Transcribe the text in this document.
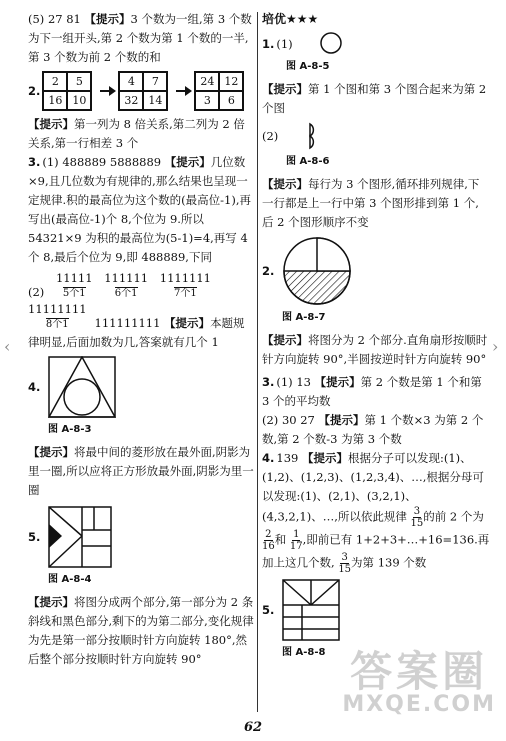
‹	›
(5) 27 81 【提示】3 个数为一组,第 3 个数为下一组开头,第 2 个数为第 1 个数的一半,第 3 个数为前 2 个数的和
2.
2	5
16 10
4	7
32 14
24 12
3	6
【提示】第一列为 8 倍关系,第二列为 2 倍关系,第一行相差 3 个
3. (1) 488889 5888889 【提示】几位数×9,且几位数为有规律的,那么结果也呈现一定规律.积的最高位为这个数的(最高位-1),再写出(最高位-1)个 8,个位为 9.所以 54321×9 为积的最高位为(5-1)=4,再写 4 个 8,最后个位为 9,即 488889,下同
(2) 11111
5个1 111111
6个1 1111111
7个1
11111111
8个1 111111111 【提示】本题规律明显,后面加数为几,答案就有几个 1
4.
图 A-8-3
【提示】将最中间的菱形放在最外面,阴影为里一圈,所以应将正方形放最外面,阴影为里一圈
5.
图 A-8-4
【提示】将图分成两个部分,第一部分为 2 条斜线和黑色部分,剩下的为第二部分,变化规律为先是第一部分按顺时针方向旋转 180°,然后整个部分按顺时针方向旋转 90°
培优★★★
1. (1)
图 A-8-5
【提示】第 1 个图和第 3 个图合起来为第 2 个图
(2)
图 A-8-6
【提示】每行为 3 个图形,循环排列规律,下一行都是上一行中第 3 个图形排到第 1 个,后 2 个图形顺序不变
2.
图 A-8-7
【提示】将图分为 2 个部分.直角扇形按顺时针方向旋转 90°,半圆按逆时针方向旋转 90°
3. (1) 13 【提示】第 2 个数是第 1 个和第 3 个的平均数
(2) 30 27 【提示】第 1 个数×3 为第 2 个数,第 2 个数-3 为第 3 个数
4. 139 【提示】根据分子可以发现:(1)、(1,2)、(1,2,3)、(1,2,3,4)、…,根据分母可以发现:(1)、(2,1)、(3,2,1)、(4,3,2,1)、…,所以依此规律 $\frac{3}{15}$ 的前 2 个为
$\frac{2}{16}$ 和 $\frac{1}{17}$ ,即前已有 1+2+3+…+16=136.再加上这几个数, $\frac{3}{15}$ 为第 139 个数
5.
图 A-8-8
62
答案圈
MXQE.COM
